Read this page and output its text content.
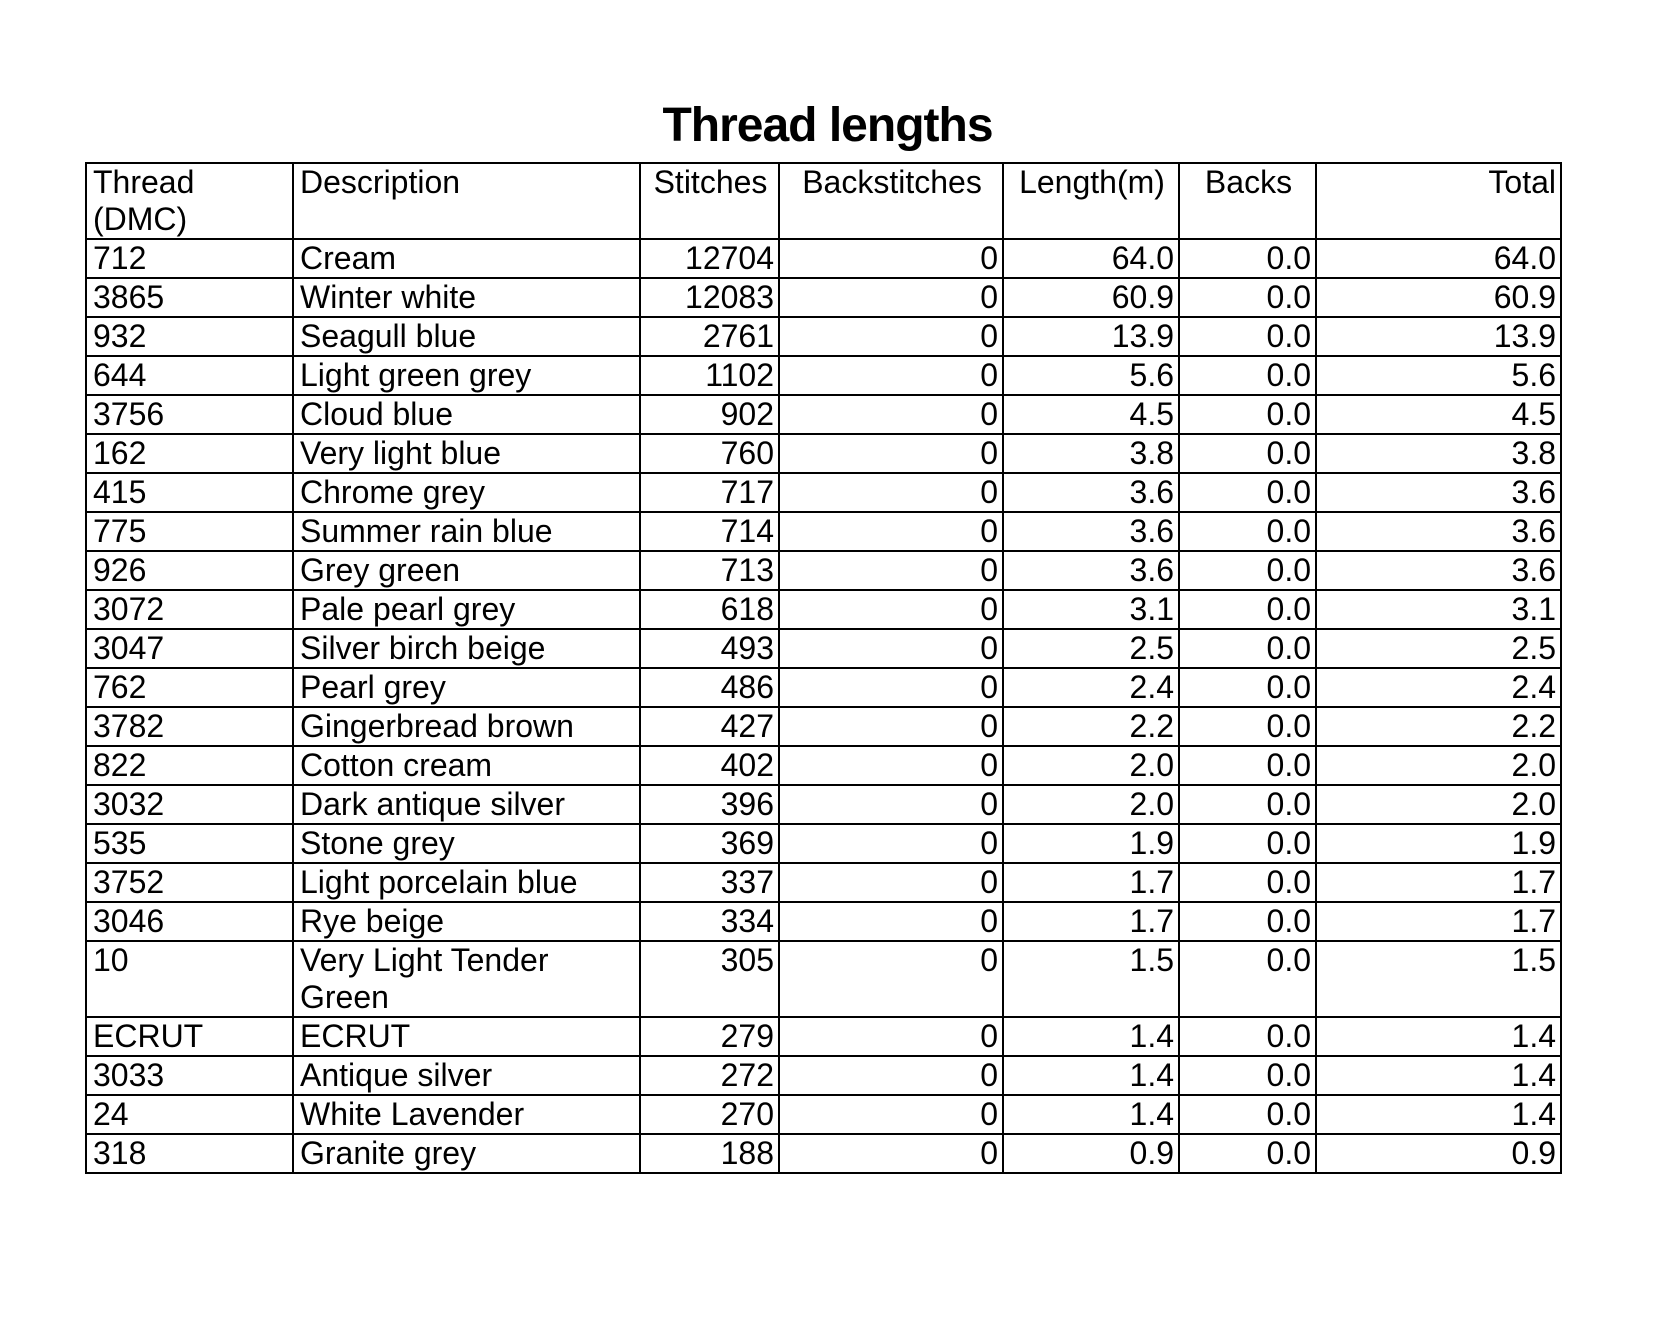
Thread lengths
Thread (DMC)	Description	Stitches	Backstitches	Length(m)	Backs	Total
712	Cream	12704	0	64.0	0.0	64.0
3865	Winter white	12083	0	60.9	0.0	60.9
932	Seagull blue	2761	0	13.9	0.0	13.9
644	Light green grey	1102	0	5.6	0.0	5.6
3756	Cloud blue	902	0	4.5	0.0	4.5
162	Very light blue	760	0	3.8	0.0	3.8
415	Chrome grey	717	0	3.6	0.0	3.6
775	Summer rain blue	714	0	3.6	0.0	3.6
926	Grey green	713	0	3.6	0.0	3.6
3072	Pale pearl grey	618	0	3.1	0.0	3.1
3047	Silver birch beige	493	0	2.5	0.0	2.5
762	Pearl grey	486	0	2.4	0.0	2.4
3782	Gingerbread brown	427	0	2.2	0.0	2.2
822	Cotton cream	402	0	2.0	0.0	2.0
3032	Dark antique silver	396	0	2.0	0.0	2.0
535	Stone grey	369	0	1.9	0.0	1.9
3752	Light porcelain blue	337	0	1.7	0.0	1.7
3046	Rye beige	334	0	1.7	0.0	1.7
10	Very Light Tender Green	305	0	1.5	0.0	1.5
ECRUT	ECRUT	279	0	1.4	0.0	1.4
3033	Antique silver	272	0	1.4	0.0	1.4
24	White Lavender	270	0	1.4	0.0	1.4
318	Granite grey	188	0	0.9	0.0	0.9
